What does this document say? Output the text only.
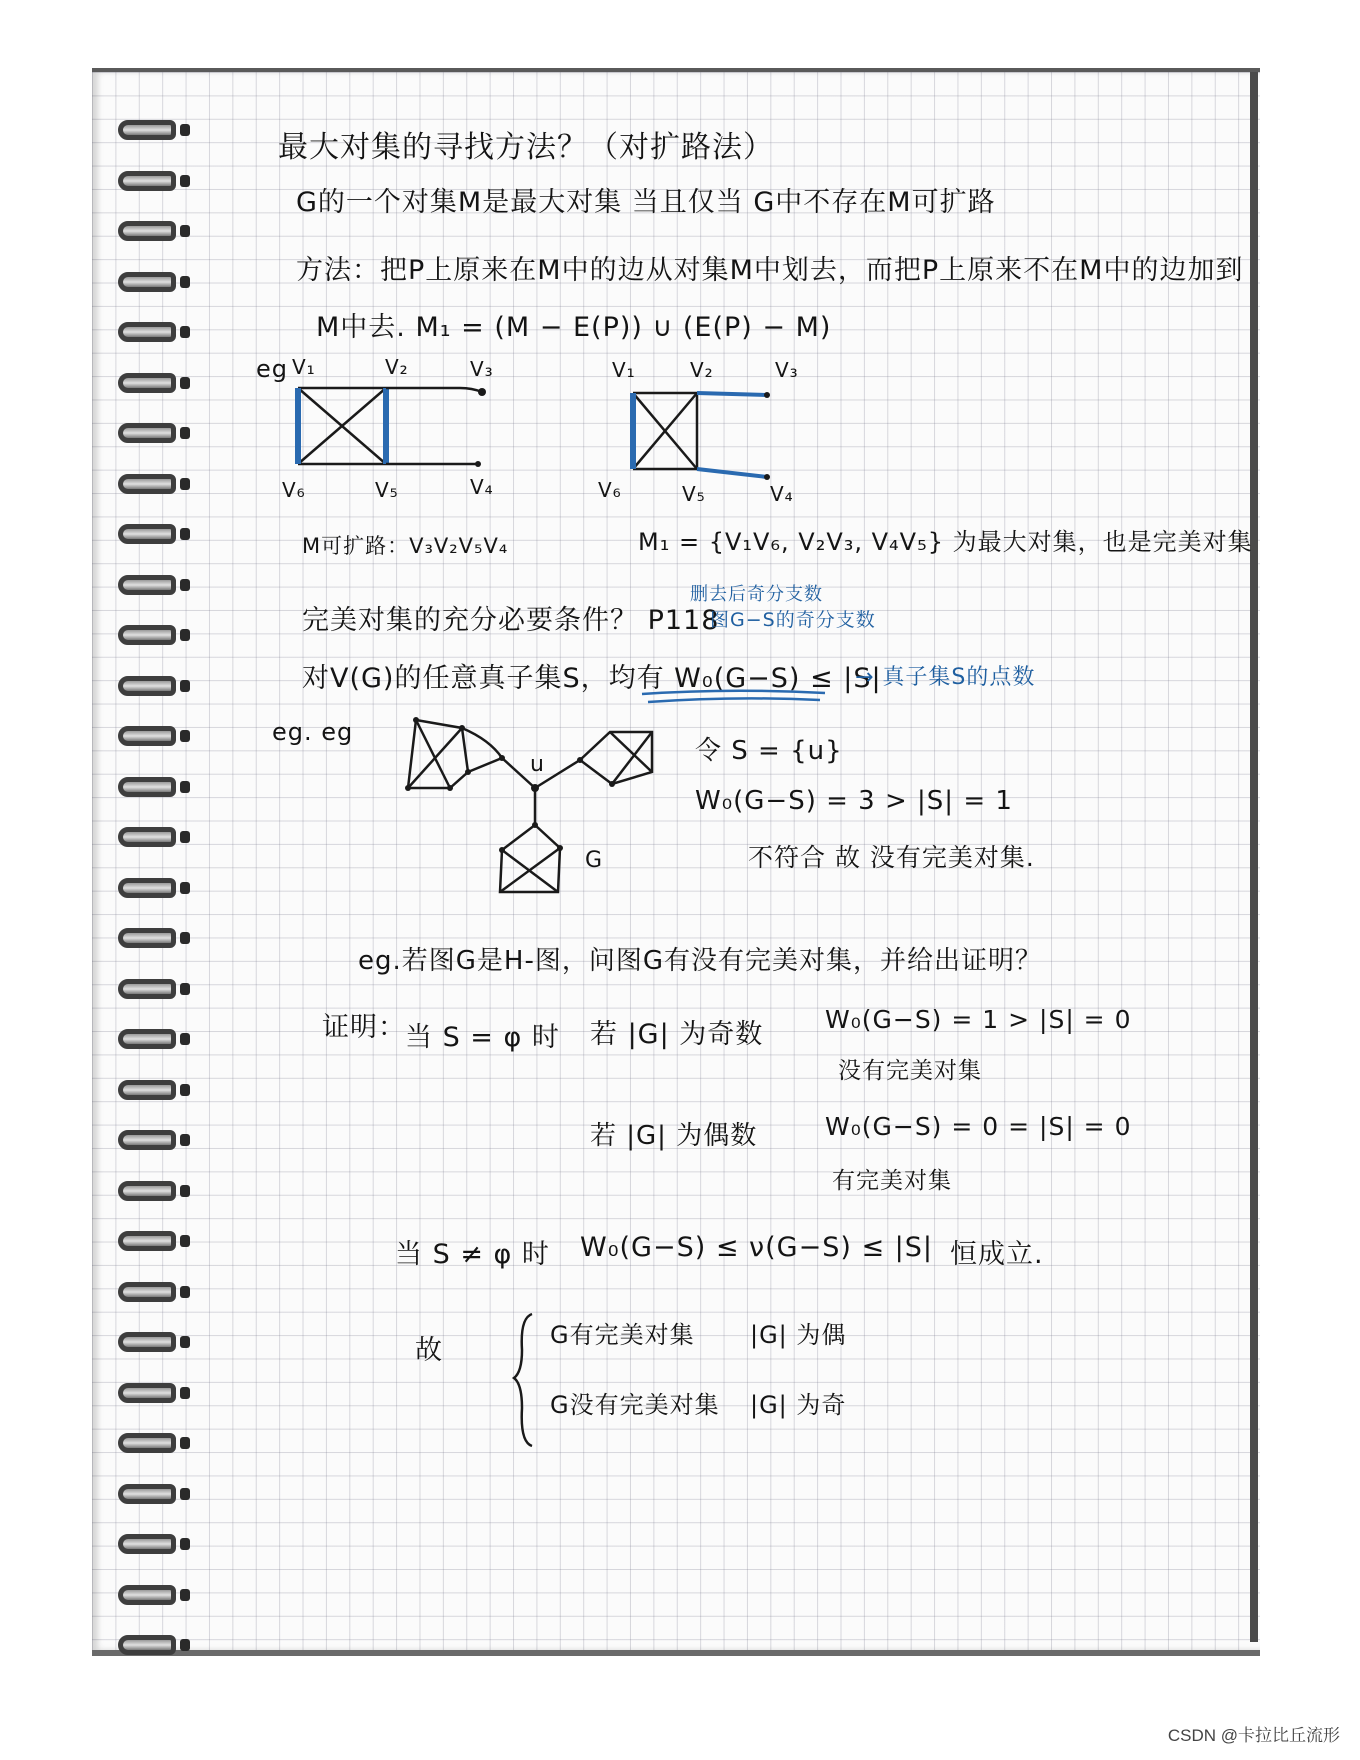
最大对集的寻找方法？（对扩路法）
G的一个对集M是最大对集 当且仅当 G中不存在M可扩路
方法：把P上原来在M中的边从对集M中划去，而把P上原来不在M中的边加到
M中去. M₁ = (M − E(P)) ∪ (E(P) − M)
eg V₁	V₂	V₃
V₆	V₅	V₄
V₁	V₂	V₃
V₆	V₅	V₄
M可扩路：V₃V₂V₅V₄	M₁ = {V₁V₆, V₂V₃, V₄V₅} 为最大对集，也是完美对集
完美对集的充分必要条件？ P118
删去后奇分支数
图G−S的奇分支数
对V(G)的任意真子集S，均有 W₀(G−S) ≤ |S|
→ 真子集S的点数
eg. eg
u
G
令 S = {u}
W₀(G−S) = 3 > |S| = 1
不符合 故 没有完美对集.
eg.若图G是H-图，问图G有没有完美对集，并给出证明？
证明： 当 S = φ 时 若 |G| 为奇数 W₀(G−S) = 1 > |S| = 0
没有完美对集
若 |G| 为偶数	W₀(G−S) = 0 = |S| = 0
有完美对集
当 S ≠ φ 时 W₀(G−S) ≤ ν(G−S) ≤ |S| 恒成立.
故	G有完美对集 |G| 为偶
G没有完美对集 |G| 为奇
CSDN @卡拉比丘流形
